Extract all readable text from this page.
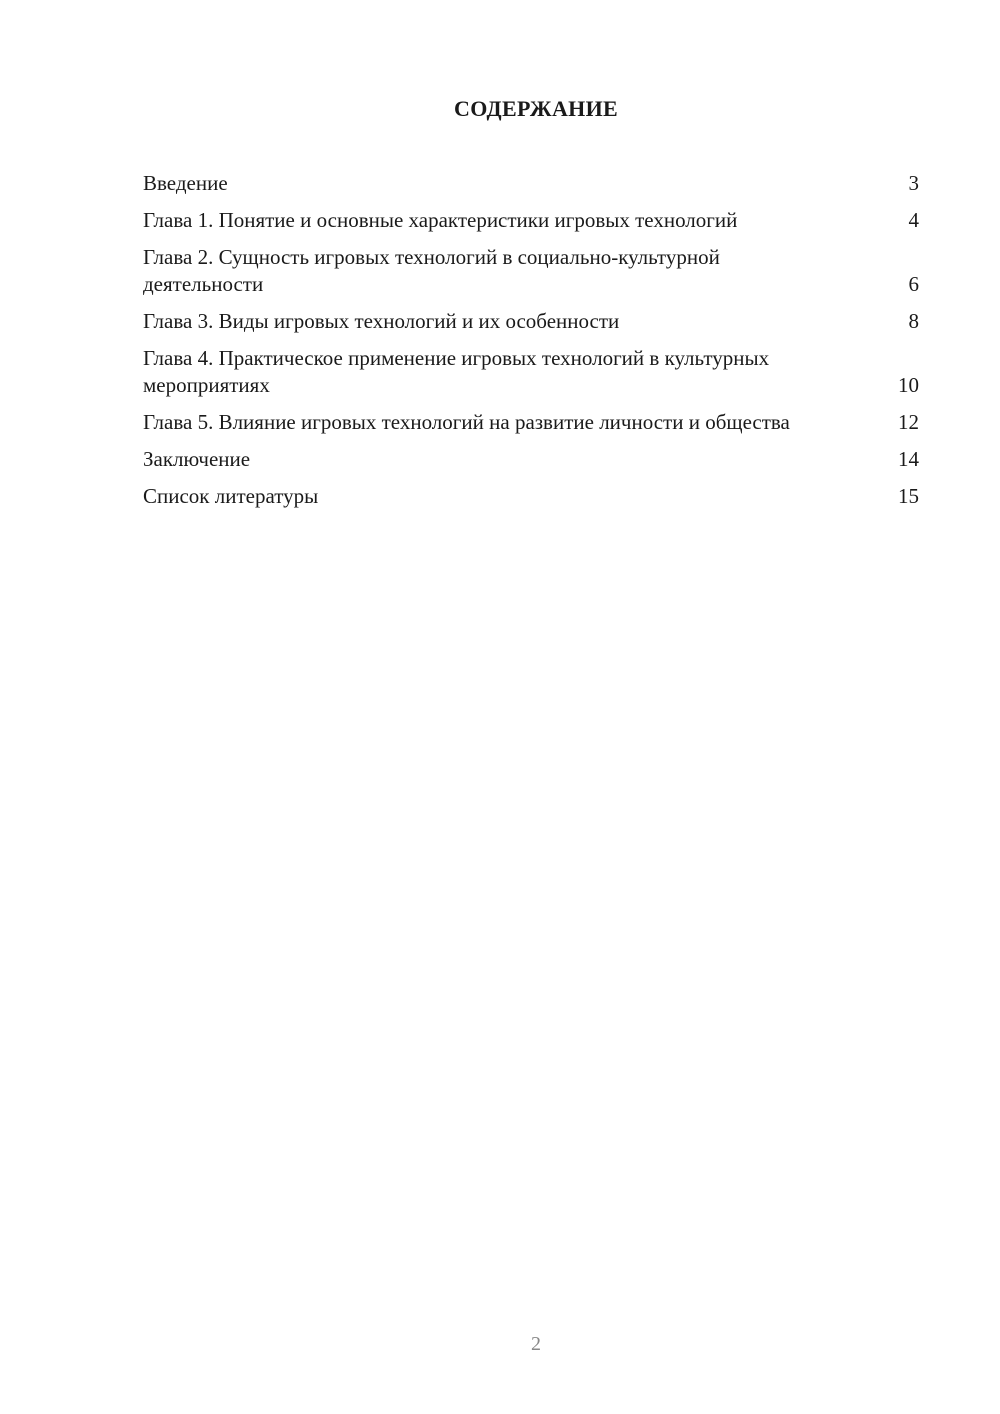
СОДЕРЖАНИЕ
Введение	3
Глава 1. Понятие и основные характеристики игровых технологий	4
Глава 2. Сущность игровых технологий в социально-культурной деятельности	6
Глава 3. Виды игровых технологий и их особенности	8
Глава 4. Практическое применение игровых технологий в культурных мероприятиях	10
Глава 5. Влияние игровых технологий на развитие личности и общества	12
Заключение	14
Список литературы	15
2
